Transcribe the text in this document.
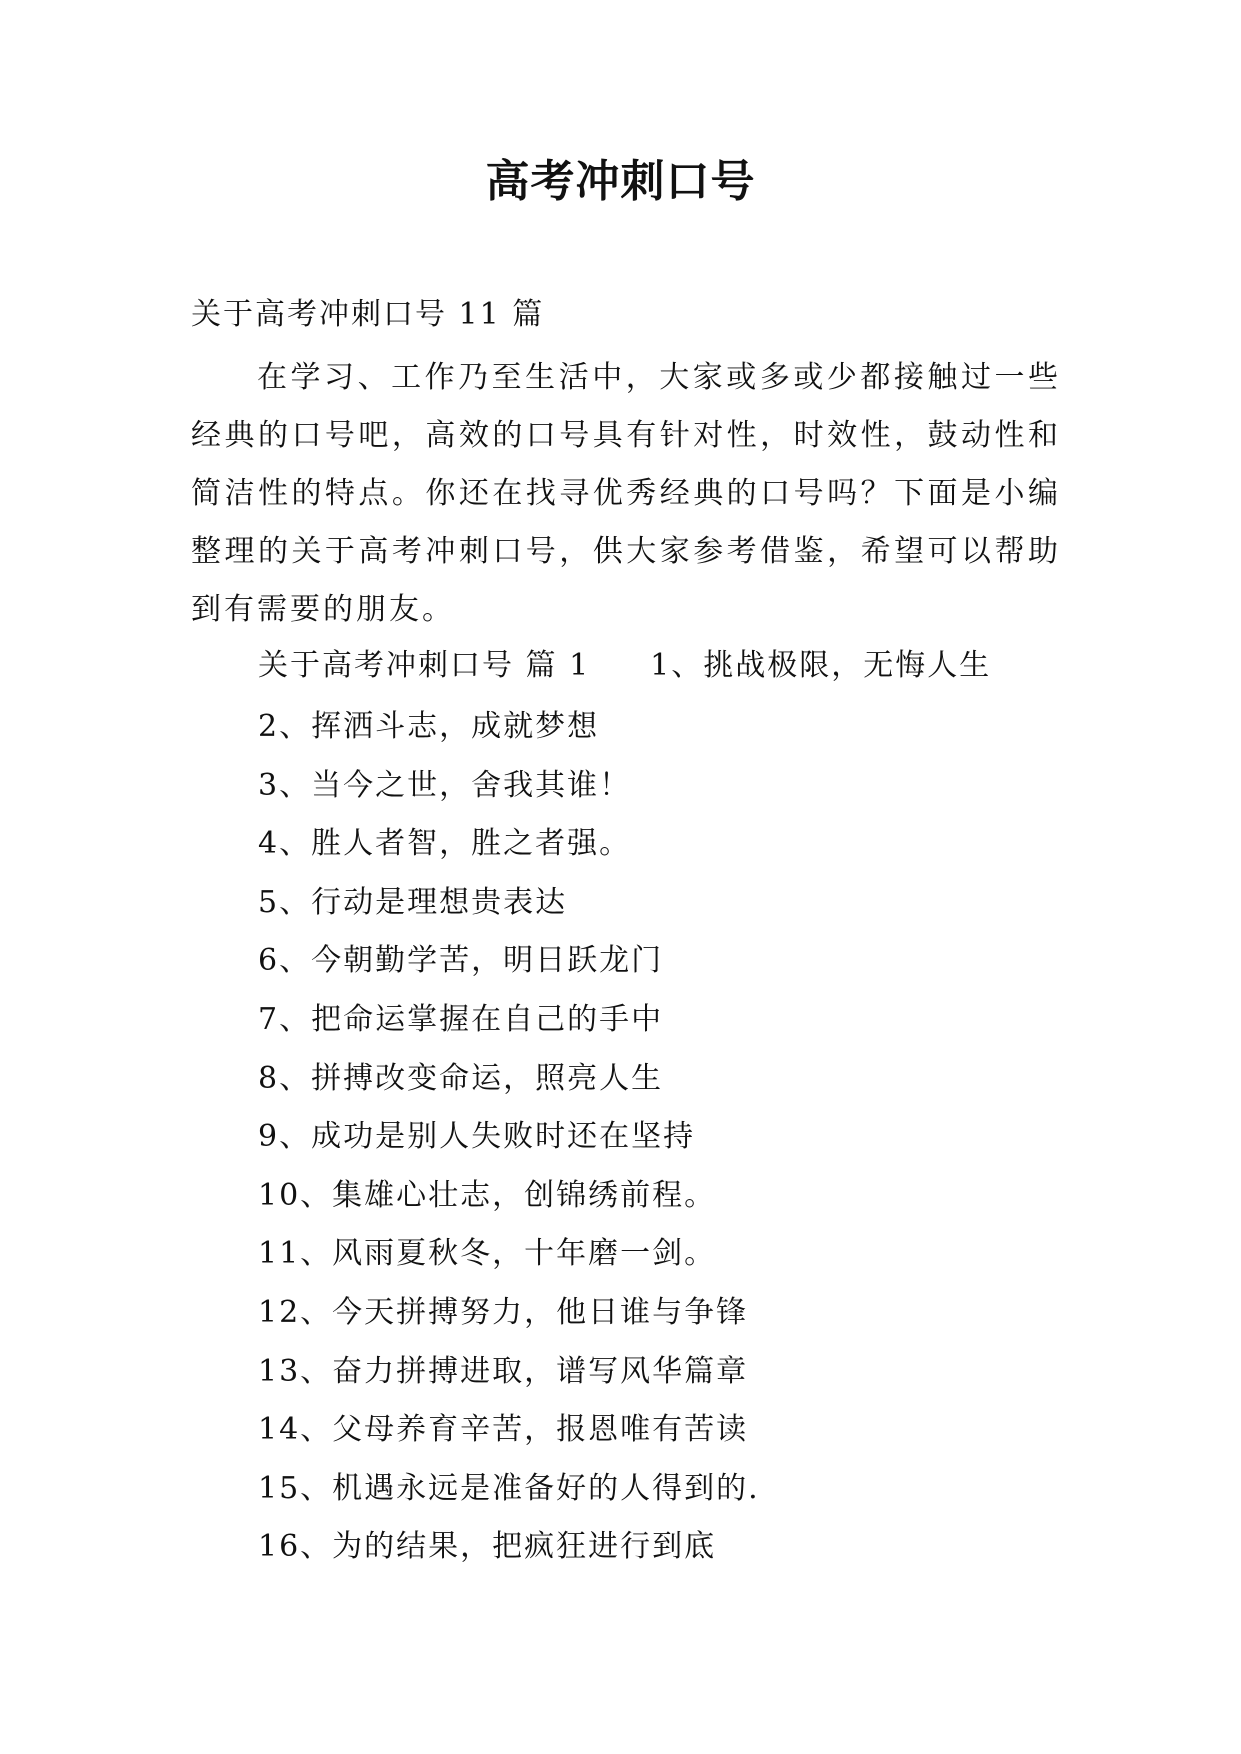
高考冲刺口号
关于高考冲刺口号 11 篇

在学习、工作乃至生活中，大家或多或少都接触过一些经典的口号吧，高效的口号具有针对性，时效性，鼓动性和简洁性的特点。你还在找寻优秀经典的口号吗？下面是小编整理的关于高考冲刺口号，供大家参考借鉴，希望可以帮助到有需要的朋友。

关于高考冲刺口号 篇 1 1、挑战极限，无悔人生
2、挥洒斗志，成就梦想
3、当今之世，舍我其谁！
4、胜人者智，胜之者强。
5、行动是理想贵表达
6、今朝勤学苦，明日跃龙门
7、把命运掌握在自己的手中
8、拼搏改变命运，照亮人生
9、成功是别人失败时还在坚持
10、集雄心壮志，创锦绣前程。
11、风雨夏秋冬，十年磨一剑。
12、今天拼搏努力，他日谁与争锋
13、奋力拼搏进取，谱写风华篇章
14、父母养育辛苦，报恩唯有苦读
15、机遇永远是准备好的人得到的.
16、为的结果，把疯狂进行到底
